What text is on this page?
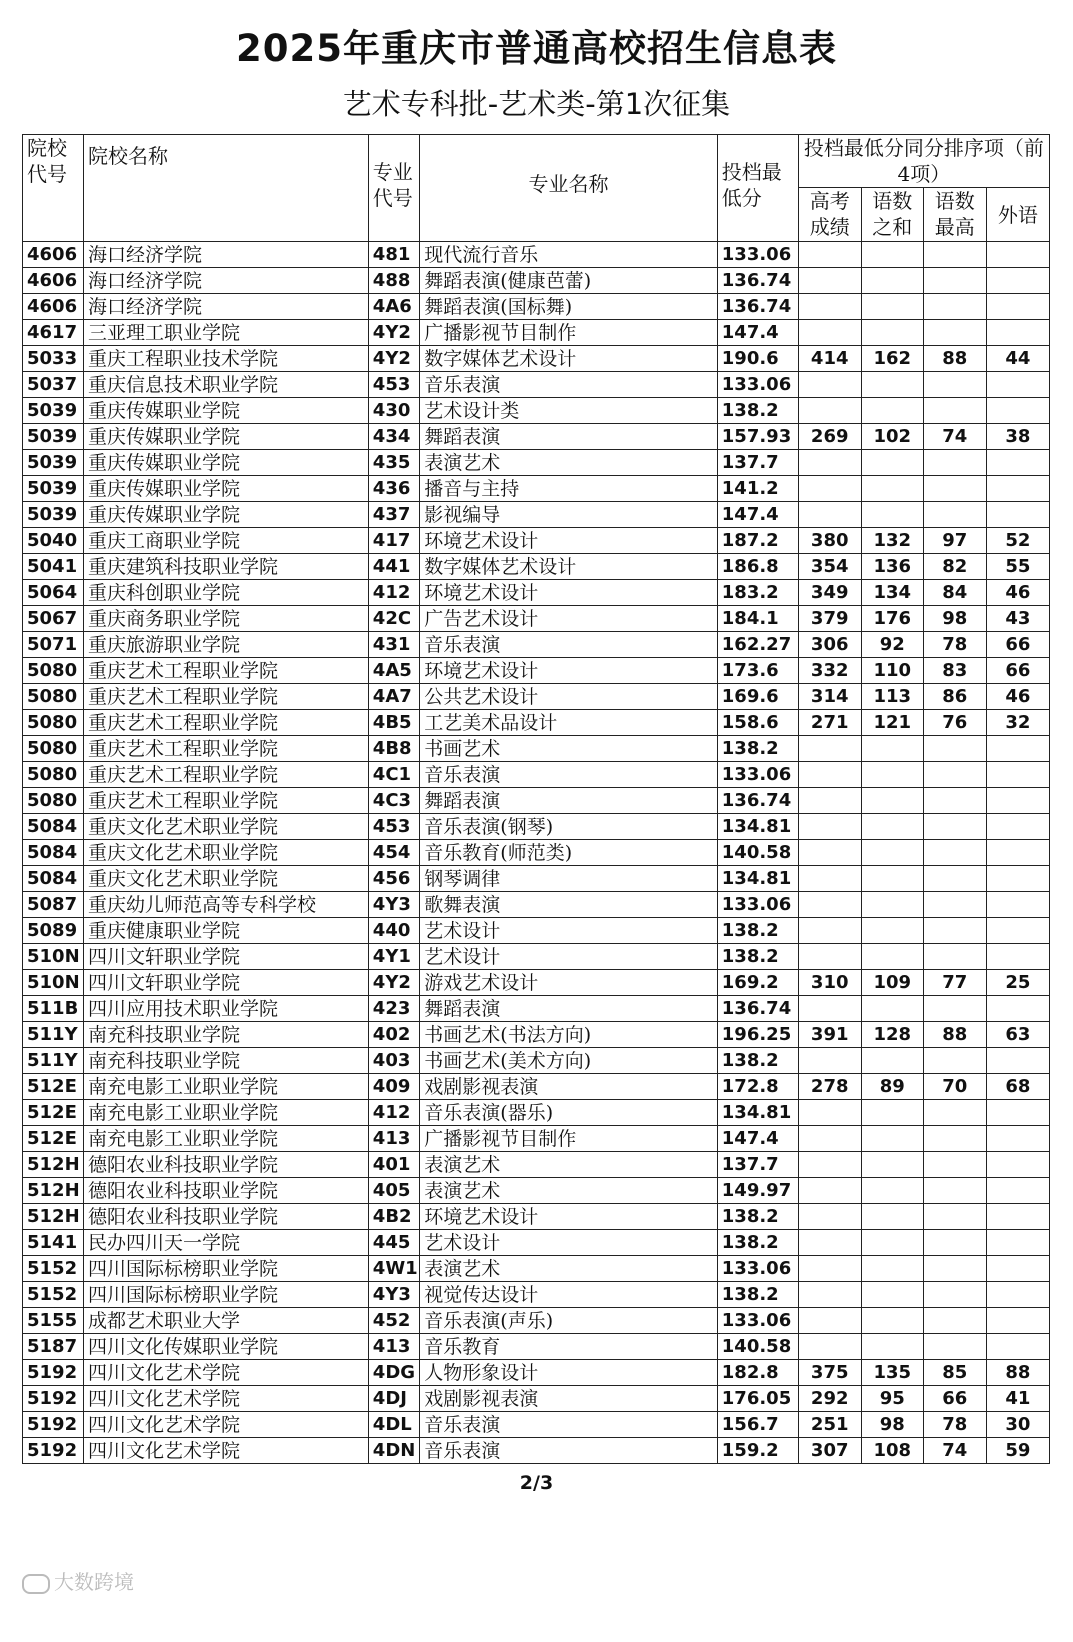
2025年重庆市普通高校招生信息表
艺术专科批-艺术类-第1次征集
院校代号	院校名称	专业代号	专业名称	投档最低分	投档最低分同分排序项（前4项）			
					高考成绩	语数之和	语数最高	外语
4606	海口经济学院	481	现代流行音乐	133.06				
4606	海口经济学院	488	舞蹈表演(健康芭蕾)	136.74				
4606	海口经济学院	4A6	舞蹈表演(国标舞)	136.74				
4617	三亚理工职业学院	4Y2	广播影视节目制作	147.4				
5033	重庆工程职业技术学院	4Y2	数字媒体艺术设计	190.6	414	162	88	44
5037	重庆信息技术职业学院	453	音乐表演	133.06				
5039	重庆传媒职业学院	430	艺术设计类	138.2				
5039	重庆传媒职业学院	434	舞蹈表演	157.93	269	102	74	38
5039	重庆传媒职业学院	435	表演艺术	137.7				
5039	重庆传媒职业学院	436	播音与主持	141.2				
5039	重庆传媒职业学院	437	影视编导	147.4				
5040	重庆工商职业学院	417	环境艺术设计	187.2	380	132	97	52
5041	重庆建筑科技职业学院	441	数字媒体艺术设计	186.8	354	136	82	55
5064	重庆科创职业学院	412	环境艺术设计	183.2	349	134	84	46
5067	重庆商务职业学院	42C	广告艺术设计	184.1	379	176	98	43
5071	重庆旅游职业学院	431	音乐表演	162.27	306	92	78	66
5080	重庆艺术工程职业学院	4A5	环境艺术设计	173.6	332	110	83	66
5080	重庆艺术工程职业学院	4A7	公共艺术设计	169.6	314	113	86	46
5080	重庆艺术工程职业学院	4B5	工艺美术品设计	158.6	271	121	76	32
5080	重庆艺术工程职业学院	4B8	书画艺术	138.2				
5080	重庆艺术工程职业学院	4C1	音乐表演	133.06				
5080	重庆艺术工程职业学院	4C3	舞蹈表演	136.74				
5084	重庆文化艺术职业学院	453	音乐表演(钢琴)	134.81				
5084	重庆文化艺术职业学院	454	音乐教育(师范类)	140.58				
5084	重庆文化艺术职业学院	456	钢琴调律	134.81				
5087	重庆幼儿师范高等专科学校	4Y3	歌舞表演	133.06				
5089	重庆健康职业学院	440	艺术设计	138.2				
510N	四川文轩职业学院	4Y1	艺术设计	138.2				
510N	四川文轩职业学院	4Y2	游戏艺术设计	169.2	310	109	77	25
511B	四川应用技术职业学院	423	舞蹈表演	136.74				
511Y	南充科技职业学院	402	书画艺术(书法方向)	196.25	391	128	88	63
511Y	南充科技职业学院	403	书画艺术(美术方向)	138.2				
512E	南充电影工业职业学院	409	戏剧影视表演	172.8	278	89	70	68
512E	南充电影工业职业学院	412	音乐表演(器乐)	134.81				
512E	南充电影工业职业学院	413	广播影视节目制作	147.4				
512H	德阳农业科技职业学院	401	表演艺术	137.7				
512H	德阳农业科技职业学院	405	表演艺术	149.97				
512H	德阳农业科技职业学院	4B2	环境艺术设计	138.2				
5141	民办四川天一学院	445	艺术设计	138.2				
5152	四川国际标榜职业学院	4W1	表演艺术	133.06				
5152	四川国际标榜职业学院	4Y3	视觉传达设计	138.2				
5155	成都艺术职业大学	452	音乐表演(声乐)	133.06				
5187	四川文化传媒职业学院	413	音乐教育	140.58				
5192	四川文化艺术学院	4DG	人物形象设计	182.8	375	135	85	88
5192	四川文化艺术学院	4DJ	戏剧影视表演	176.05	292	95	66	41
5192	四川文化艺术学院	4DL	音乐表演	156.7	251	98	78	30
5192	四川文化艺术学院	4DN	音乐表演	159.2	307	108	74	59
2/3
大数跨境
